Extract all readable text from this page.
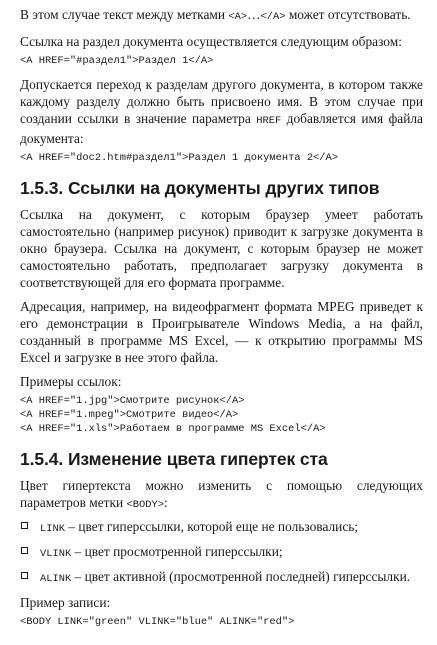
В этом случае текст между метками <A>…</A> может отсутствовать.

Ссылка на раздел документа осуществляется следующим образом:

<A HREF="#раздел1">Раздел 1</A>

Допускается переход к разделам другого документа, в котором также каждому разделу должно быть присвоено имя. В этом случае при создании ссылки в значение параметра HREF добавляется имя файла документа:

<A HREF="doc2.htm#раздел1">Раздел 1 документа 2</A>
1.5.3. Ссылки на документы других типов

Ссылка на документ, с которым браузер умеет работать самостоятельно (например рисунок) приводит к загрузке документа в окно браузера. Ссылка на документ, с которым браузер не может самостоятельно работать, предполагает загрузку документа в соответствующей для его формата программе.

Адресация, например, на видеофрагмент формата MPEG приведет к его демонстрации в Проигрывателе Windows Media, а на файл, созданный в программе MS Excel, — к открытию программы MS Excel и загрузке в нее этого файла.

Примеры ссылок:

<A HREF="1.jpg">Смотрите рисунок</A>
<A HREF="1.mpeg">Смотрите видео</A>
<A HREF="1.xls">Работаем в программе MS Excel</A>
1.5.4. Изменение цвета гипертек ста

Цвет гипертекста можно изменить с помощью следующих параметров метки <BODY>:

LINK – цвет гиперссылки, которой еще не пользовались;
VLINK – цвет просмотренной гиперссылки;
ALINK – цвет активной (просмотренной последней) гиперссылки.

Пример записи:

<BODY LINK="green" VLINK="blue" ALINK="red">
